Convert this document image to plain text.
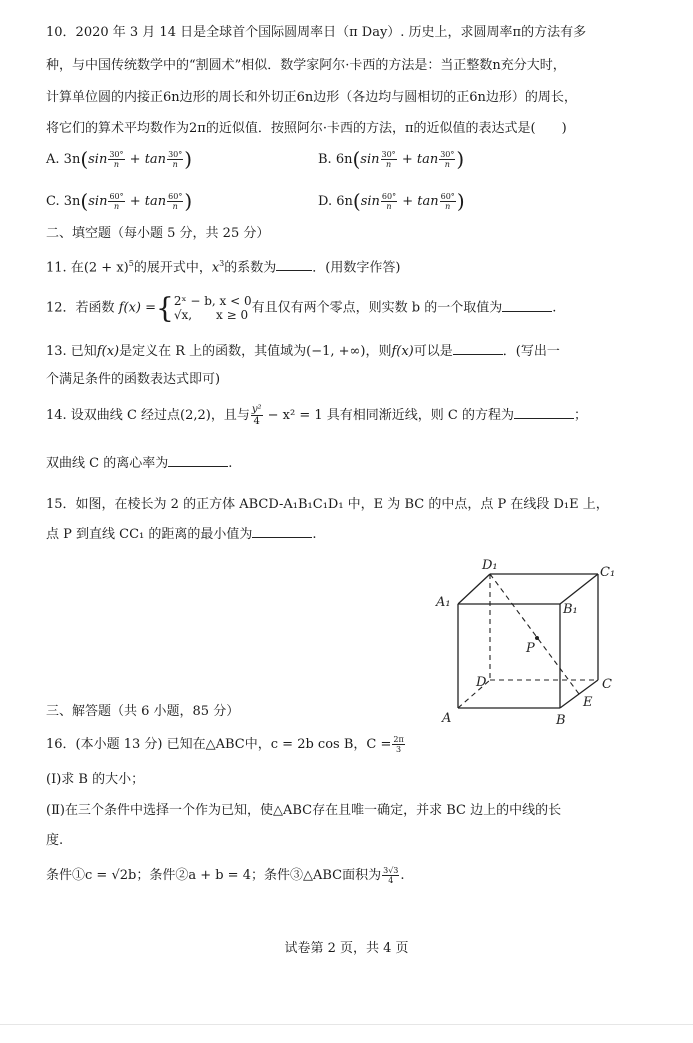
10．2020 年 3 月 14 日是全球首个国际圆周率日（π Day）. 历史上，求圆周率π的方法有多
种，与中国传统数学中的“割圆术”相似．数学家阿尔·卡西的方法是：当正整数n充分大时，
计算单位圆的内接正6n边形的周长和外切正6n边形（各边均与圆相切的正6n边形）的周长，
将它们的算术平均数作为2π的近似值．按照阿尔·卡西的方法，π的近似值的表达式是(　　)
A. $3n(\sin \frac{30^\circ}{n} + \tan \frac{30^\circ}{n}$ )	B. $6n(\sin \frac{30^\circ}{n} + \tan \frac{30^\circ}{n}$ )
C. $3n(\sin \frac{60^\circ}{n} + \tan \frac{60^\circ}{n}$ )	D. $6n(\sin \frac{60^\circ}{n} + \tan \frac{60^\circ}{n}$ )
二、填空题（每小题 5 分，共 25 分）
11. 在$(2 + x)^5$的展开式中，$x^3$的系数为	．(用数字作答)
12．若函数 f(x) ={ 2ˣ − b, x < 0
√x,　　x ≥ 0 有且仅有两个零点，则实数 b 的一个取值为	.
13. 已知f(x)是定义在 R 上的函数，其值域为(−1, +∞)，则f(x)可以是	．(写出一
个满足条件的函数表达式即可)
14. 设双曲线 C 经过点(2,2)，且与 $\frac{\text{y²}}{4} - x^2 = 1$ 具有相同渐近线，则 C 的方程为	；
双曲线 C 的离心率为	.
15．如图，在棱长为 2 的正方体 ABCD-A₁B₁C₁D₁ 中，E 为 BC 的中点，点 P 在线段 D₁E 上，
点 P 到直线 CC₁ 的距离的最小值为	.
D₁	C₁
A₁	B₁
P
D	C
E
A	B
三、解答题（共 6 小题，85 分）
16．(本小题 13 分) 已知在△ABC中，c = 2b cos B，$C = \frac{2\pi}{3}$
(Ⅰ)求 B 的大小；
(Ⅱ)在三个条件中选择一个作为已知，使△ABC存在且唯一确定，并求 BC 边上的中线的长
度.
条件①c = √2b；条件②a + b = 4；条件③△ABC面积为 $\frac{3√3}{4}$ .
试卷第 2 页，共 4 页
